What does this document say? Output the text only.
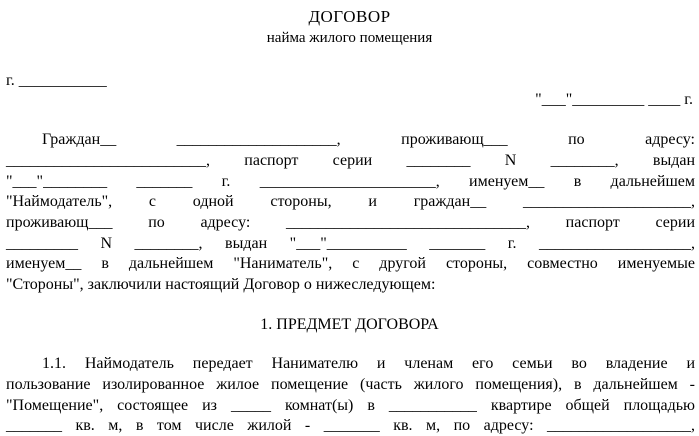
ДОГОВОР
найма жилого помещения
г. ___________
"___"_________ ____ г.
Граждан__ ____________________, проживающ___ по адресу:
_________________________, паспорт серии ________ N ________, выдан
"___"________ _______ г. ______________________, именуем__ в дальнейшем
"Наймодатель", с одной стороны, и граждан__ _____________________,
проживающ___ по адресу: ______________________________, паспорт серии
_________ N ________, выдан "___"__________ _______ г. ___________________,
именуем__ в дальнейшем "Наниматель", с другой стороны, совместно именуемые
"Стороны", заключили настоящий Договор о нижеследующем:
1. ПРЕДМЕТ ДОГОВОРА
1.1. Наймодатель передает Нанимателю и членам его семьи во владение и
пользование изолированное жилое помещение (часть жилого помещения), в дальнейшем -
"Помещение", состоящее из _____ комнат(ы) в ___________ квартире общей площадью
_______ кв. м, в том числе жилой - _______ кв. м, по адресу: __________________,
